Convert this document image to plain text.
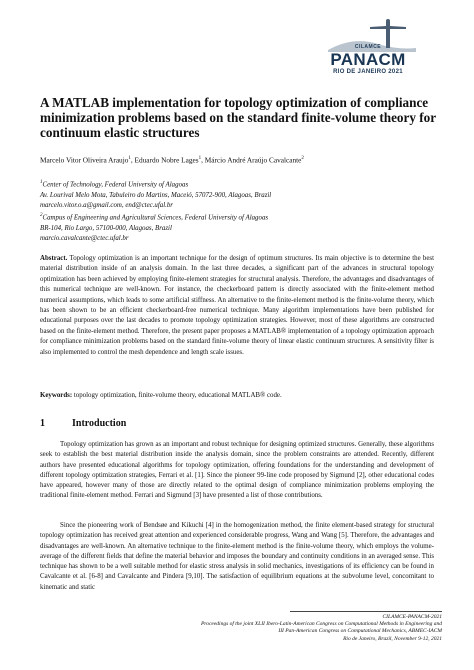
CILAMCE
PANACM
RIO DE JANEIRO 2021
A MATLAB implementation for topology optimization of compliance minimization problems based on the standard finite-volume theory for continuum elastic structures
Marcelo Vitor Oliveira Araujo$^1$, Eduardo Nobre Lages$^1$, Márcio André Araújo Cavalcante$^2$
$^1$Center of Technology, Federal University of Alagoas
Av. Lourival Melo Mota, Tabuleiro do Martins, Maceió, 57072-900, Alagoas, Brazil
marcelo.vitor.o.a@gmail.com, end@ctec.ufal.br
$^2$Campus of Engineering and Agricultural Sciences, Federal University of Alagoas
BR-104, Rio Largo, 57100-000, Alagoas, Brazil
marcio.cavalcante@ctec.ufal.br
Abstract. Topology optimization is an important technique for the design of optimum structures. Its main objective is to determine the best material distribution inside of an analysis domain. In the last three decades, a significant part of the advances in structural topology optimization has been achieved by employing finite-element strategies for structural analysis. Therefore, the advantages and disadvantages of this numerical technique are well-known. For instance, the checkerboard pattern is directly associated with the finite-element method numerical assumptions, which leads to some artificial stiffness. An alternative to the finite-element method is the finite-volume theory, which has been shown to be an efficient checkerboard-free numerical technique. Many algorithm implementations have been published for educational purposes over the last decades to promote topology optimization strategies. However, most of these algorithms are constructed based on the finite-element method. Therefore, the present paper proposes a MATLAB® implementation of a topology optimization approach for compliance minimization problems based on the standard finite-volume theory of linear elastic continuum structures. A sensitivity filter is also implemented to control the mesh dependence and length scale issues.
Keywords: topology optimization, finite-volume theory, educational MATLAB® code.
1	Introduction
Topology optimization has grown as an important and robust technique for designing optimized structures. Generally, these algorithms seek to establish the best material distribution inside the analysis domain, since the problem constraints are attended. Recently, different authors have presented educational algorithms for topology optimization, offering foundations for the understanding and development of different topology optimization strategies, Ferrari et al. [1]. Since the pioneer 99-line code proposed by Sigmund [2], other educational codes have appeared, however many of those are directly related to the optimal design of compliance minimization problems employing the traditional finite-element method. Ferrari and Sigmund [3] have presented a list of those contributions.
Since the pioneering work of Bendsøe and Kikuchi [4] in the homogenization method, the finite element-based strategy for structural topology optimization has received great attention and experienced considerable progress, Wang and Wang [5]. Therefore, the advantages and disadvantages are well-known. An alternative technique to the finite-element method is the finite-volume theory, which employs the volume-average of the different fields that define the material behavior and imposes the boundary and continuity conditions in an averaged sense. This technique has shown to be a well suitable method for elastic stress analysis in solid mechanics, investigations of its efficiency can be found in Cavalcante et al. [6-8] and Cavalcante and Pindera [9,10]. The satisfaction of equilibrium equations at the subvolume level, concomitant to kinematic and static
CILAMCE-PANACM-2021
Proceedings of the joint XLII Ibero-Latin-American Congress on Computational Methods in Engineering and
III Pan-American Congress on Computational Mechanics, ABMEC-IACM
Rio de Janeiro, Brazil, November 9-12, 2021
